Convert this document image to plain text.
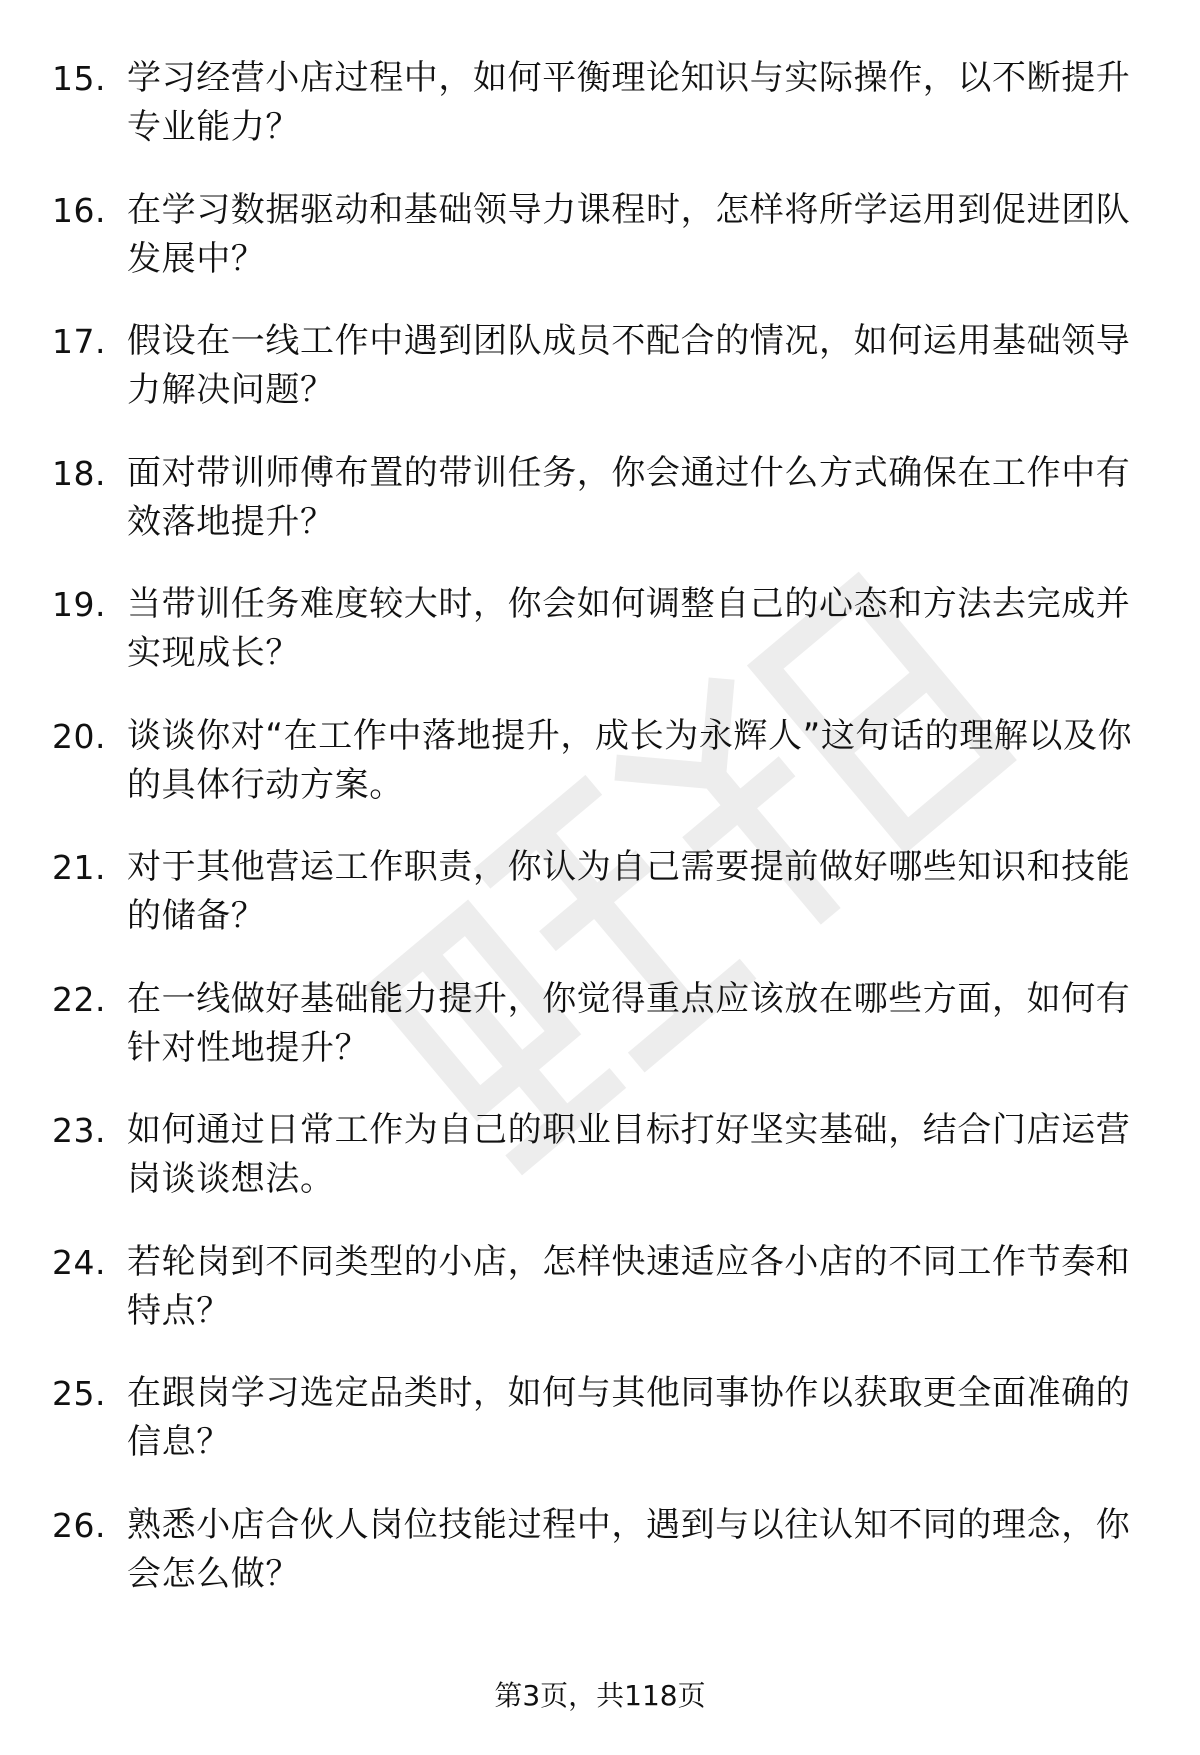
15. 学习经营小店过程中，如何平衡理论知识与实际操作，以不断提升专业能力？
16. 在学习数据驱动和基础领导力课程时，怎样将所学运用到促进团队发展中？
17. 假设在一线工作中遇到团队成员不配合的情况，如何运用基础领导力解决问题？
18. 面对带训师傅布置的带训任务，你会通过什么方式确保在工作中有效落地提升？
19. 当带训任务难度较大时，你会如何调整自己的心态和方法去完成并实现成长？
20. 谈谈你对“在工作中落地提升，成长为永辉人”这句话的理解以及你的具体行动方案。
21. 对于其他营运工作职责，你认为自己需要提前做好哪些知识和技能的储备？
22. 在一线做好基础能力提升，你觉得重点应该放在哪些方面，如何有针对性地提升？
23. 如何通过日常工作为自己的职业目标打好坚实基础，结合门店运营岗谈谈想法。
24. 若轮岗到不同类型的小店，怎样快速适应各小店的不同工作节奏和特点？
25. 在跟岗学习选定品类时，如何与其他同事协作以获取更全面准确的信息？
26. 熟悉小店合伙人岗位技能过程中，遇到与以往认知不同的理念，你会怎么做？
第3页，共118页
